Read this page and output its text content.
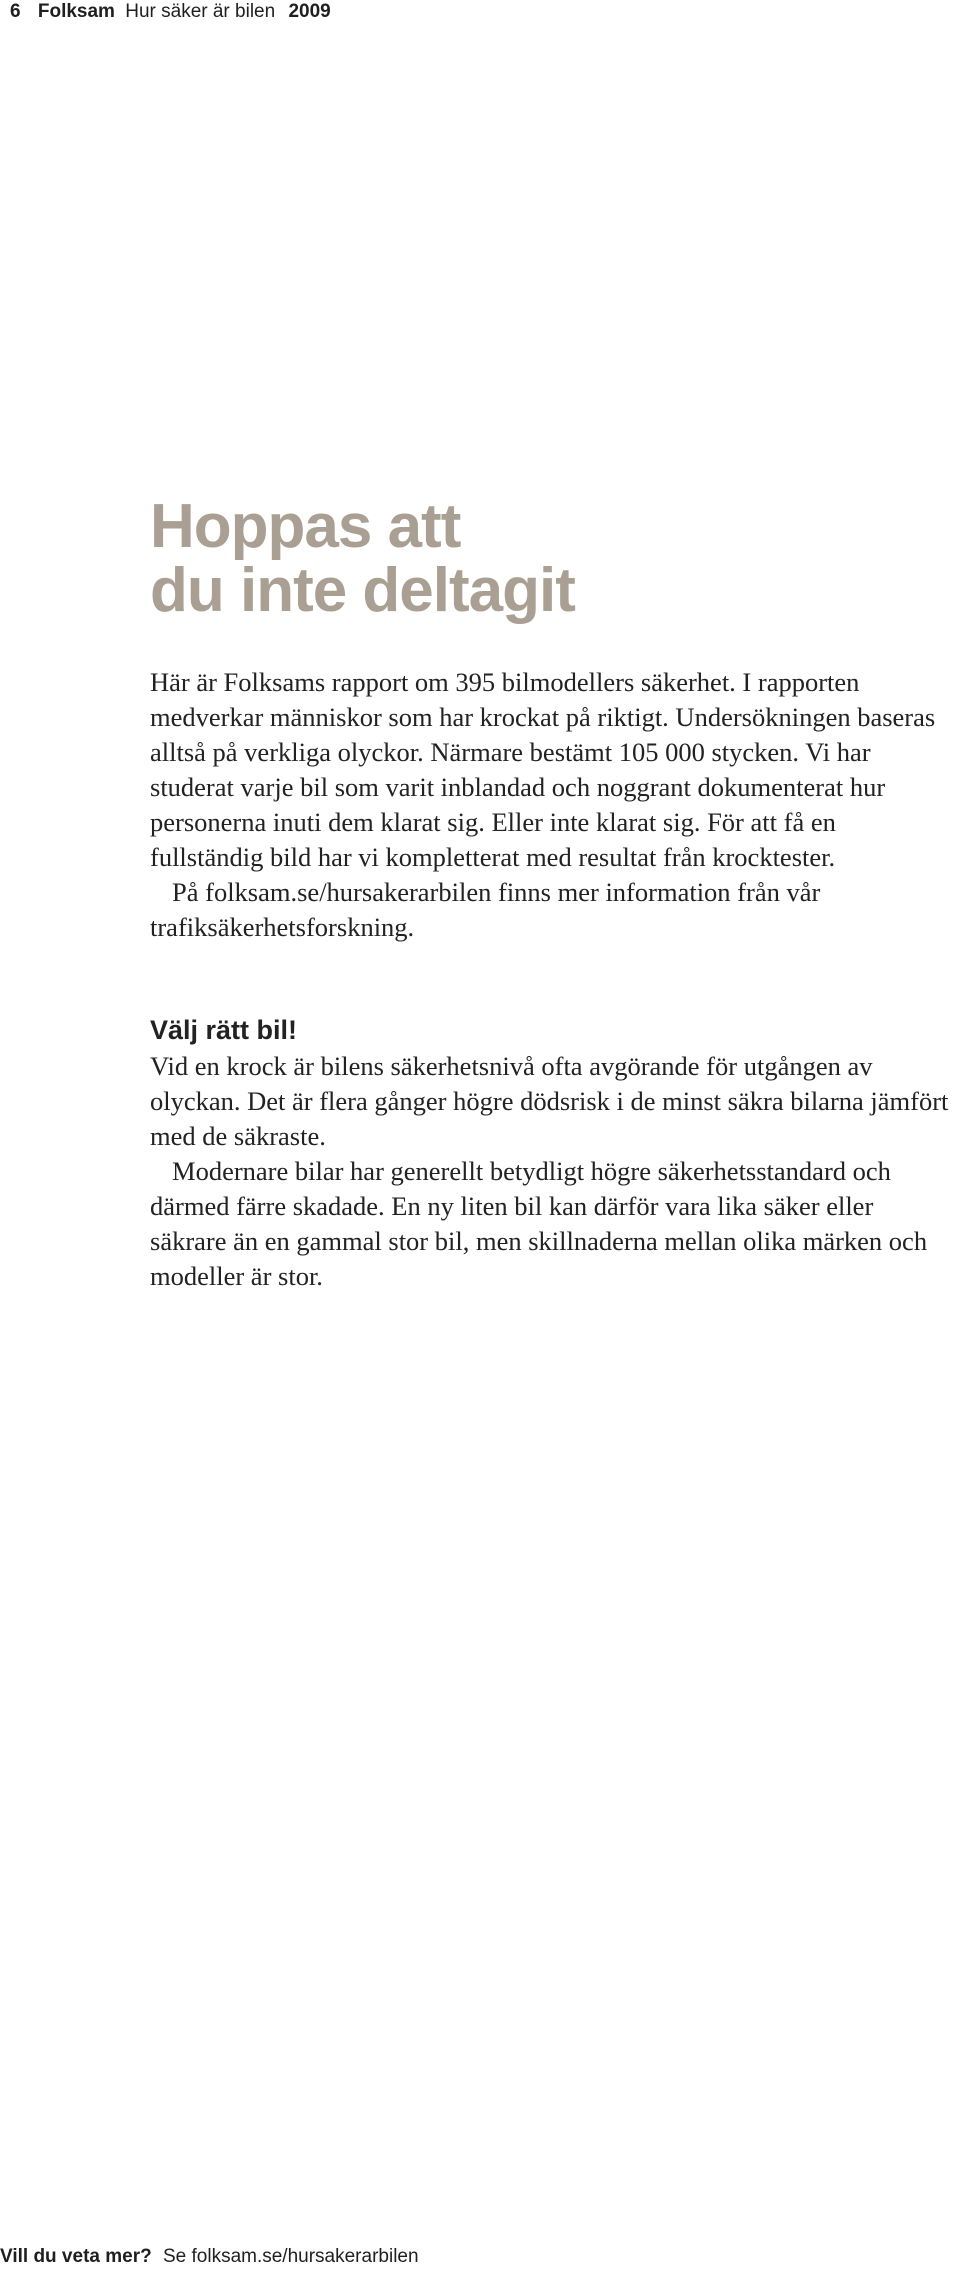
6 Folksam Hur säker är bilen 2009
Hoppas att
du inte deltagit

Här är Folksams rapport om 395 bilmodellers säkerhet. I rapporten medverkar människor som har krockat på riktigt. Undersökningen baseras alltså på verkliga olyckor. Närmare bestämt 105 000 stycken. Vi har studerat varje bil som varit inblandad och noggrant dokumenterat hur personerna inuti dem klarat sig. Eller inte klarat sig. För att få en fullständig bild har vi kompletterat med resultat från krocktester.

På folksam.se/hursakerarbilen finns mer information från vår trafiksäkerhetsforskning.

Välj rätt bil!

Vid en krock är bilens säkerhetsnivå ofta avgörande för utgången av olyckan. Det är flera gånger högre dödsrisk i de minst säkra bilarna jämfört med de säkraste.

Modernare bilar har generellt betydligt högre säkerhetsstandard och därmed färre skadade. En ny liten bil kan därför vara lika säker eller säkrare än en gammal stor bil, men skillnaderna mellan olika märken och modeller är stor.

Vill du veta mer? Se folksam.se/hursakerarbilen
